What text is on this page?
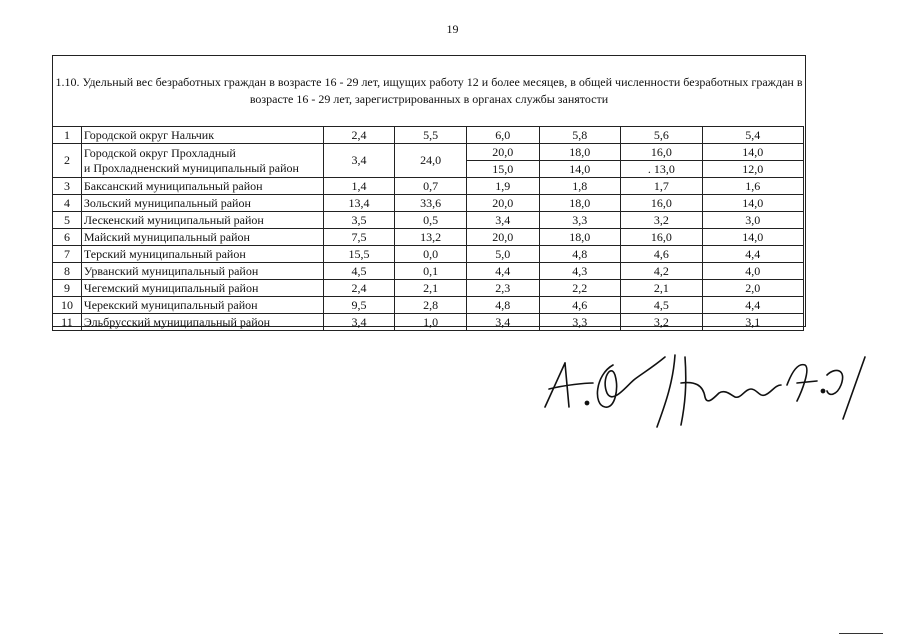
19
1.10. Удельный вес безработных граждан в возрасте 16 - 29 лет, ищущих работу 12 и более месяцев, в общей численности безработных граждан в возрасте 16 - 29 лет, зарегистрированных в органах службы занятости
1	Городской округ Нальчик	2,4	5,5	6,0	5,8	5,6	5,4
2	Городской округ Прохладный
и Прохладненский муниципальный район	3,4	24,0	20,0	18,0	16,0	14,0
				15,0	14,0	. 13,0	12,0
3	Баксанский муниципальный район	1,4	0,7	1,9	1,8	1,7	1,6
4	Зольский муниципальный район	13,4	33,6	20,0	18,0	16,0	14,0
5	Лескенский муниципальный район	3,5	0,5	3,4	3,3	3,2	3,0
6	Майский муниципальный район	7,5	13,2	20,0	18,0	16,0	14,0
7	Терский муниципальный район	15,5	0,0	5,0	4,8	4,6	4,4
8	Урванский муниципальный район	4,5	0,1	4,4	4,3	4,2	4,0
9	Чегемский муниципальный район	2,4	2,1	2,3	2,2	2,1	2,0
10	Черекский муниципальный район	9,5	2,8	4,8	4,6	4,5	4,4
11	Эльбрусский муниципальный район	3,4	1,0	3,4	3,3	3,2	3,1
